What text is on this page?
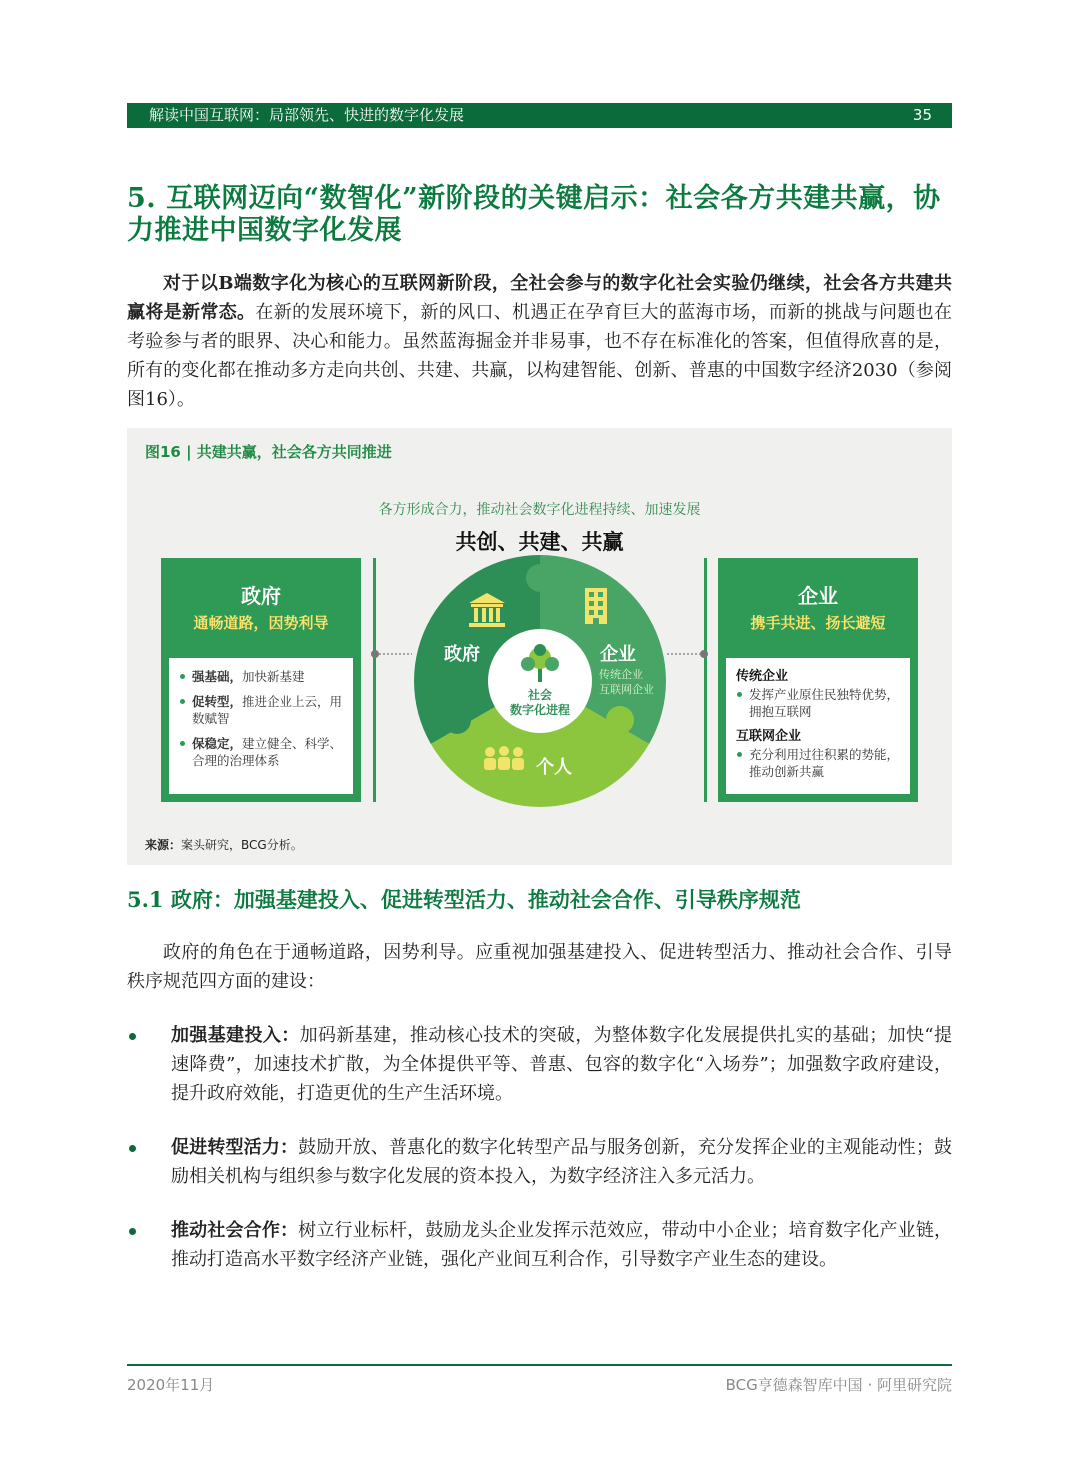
解读中国互联网：局部领先、快进的数字化发展	35
5. 互联网迈向“数智化”新阶段的关键启示：社会各方共建共赢，协力推进中国数字化发展
对于以B端数字化为核心的互联网新阶段，全社会参与的数字化社会实验仍继续，社会各方共建共赢将是新常态。在新的发展环境下，新的风口、机遇正在孕育巨大的蓝海市场，而新的挑战与问题也在考验参与者的眼界、决心和能力。虽然蓝海掘金并非易事，也不存在标准化的答案，但值得欣喜的是，所有的变化都在推动多方走向共创、共建、共赢，以构建智能、创新、普惠的中国数字经济2030（参阅图16）。
图16 | 共建共赢，社会各方共同推进
各方形成合力，推动社会数字化进程持续、加速发展
共创、共建、共赢
政府
通畅道路，因势利导
强基础，加快新基建
促转型，推进企业上云，用数赋智
保稳定，建立健全、科学、合理的治理体系
企业
携手共进、扬长避短
传统企业
发挥产业原住民独特优势，拥抱互联网
互联网企业
充分利用过往积累的势能，推动创新共赢
政府	企业
传统企业
互联网企业
个人
社会
数字化进程
来源：案头研究，BCG分析。
5.1 政府：加强基建投入、促进转型活力、推动社会合作、引导秩序规范
政府的角色在于通畅道路，因势利导。应重视加强基建投入、促进转型活力、推动社会合作、引导秩序规范四方面的建设：
加强基建投入：加码新基建，推动核心技术的突破，为整体数字化发展提供扎实的基础；加快“提速降费”，加速技术扩散，为全体提供平等、普惠、包容的数字化“入场券”；加强数字政府建设，提升政府效能，打造更优的生产生活环境。
促进转型活力：鼓励开放、普惠化的数字化转型产品与服务创新，充分发挥企业的主观能动性；鼓励相关机构与组织参与数字化发展的资本投入，为数字经济注入多元活力。
推动社会合作：树立行业标杆，鼓励龙头企业发挥示范效应，带动中小企业；培育数字化产业链，推动打造高水平数字经济产业链，强化产业间互利合作，引导数字产业生态的建设。
2020年11月	BCG亨德森智库中国 · 阿里研究院
